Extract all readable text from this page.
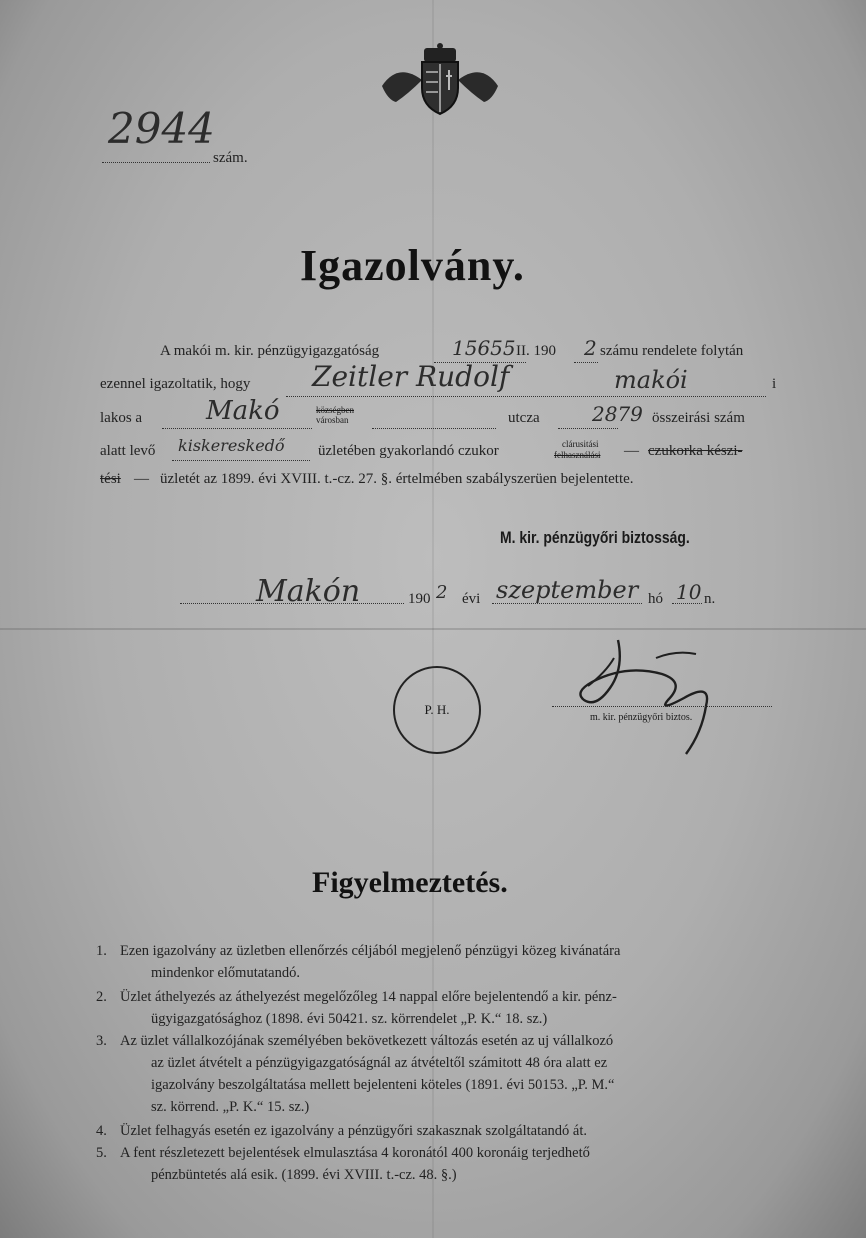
2944
szám.
Igazolvány.
A makói m. kir. pénzügyigazgatóság	15655 II. 190 2 számu rendelete folytán
ezennel igazoltatik, hogy Zeitler Rudolf	makói	i
lakos a Makó	községben
városban	utcza	2879 összeirási szám
alatt levő kiskereskedő üzletében gyakorlandó czukor	clárusitási
felhasználási — czukorka készi-
tési — üzletét az 1899. évi XVIII. t.-cz. 27. §. értelmében szabályszerüen bejelentette.
M. kir. pénzügyőri biztosság.
Makón	190 2 évi szeptember hó 10 n.
P. H.
m. kir. pénzügyőri biztos.
Figyelmeztetés.
1. Ezen igazolvány az üzletben ellenőrzés céljából megjelenő pénzügyi közeg kivánatára
mindenkor előmutatandó.
2. Üzlet áthelyezés az áthelyezést megelőzőleg 14 nappal előre bejelentendő a kir. pénz-
ügyigazgatósághoz (1898. évi 50421. sz. körrendelet „P. K.“ 18. sz.)
3. Az üzlet vállalkozójának személyében bekövetkezett változás esetén az uj vállalkozó
az üzlet átvételt a pénzügyigazgatóságnál az átvételtől számitott 48 óra alatt ez
igazolvány beszolgáltatása mellett bejelenteni köteles (1891. évi 50153. „P. M.“
sz. körrend. „P. K.“ 15. sz.)
4. Üzlet felhagyás esetén ez igazolvány a pénzügyőri szakasznak szolgáltatandó át.
5. A fent részletezett bejelentések elmulasztása 4 koronától 400 koronáig terjedhető
pénzbüntetés alá esik. (1899. évi XVIII. t.-cz. 48. §.)
